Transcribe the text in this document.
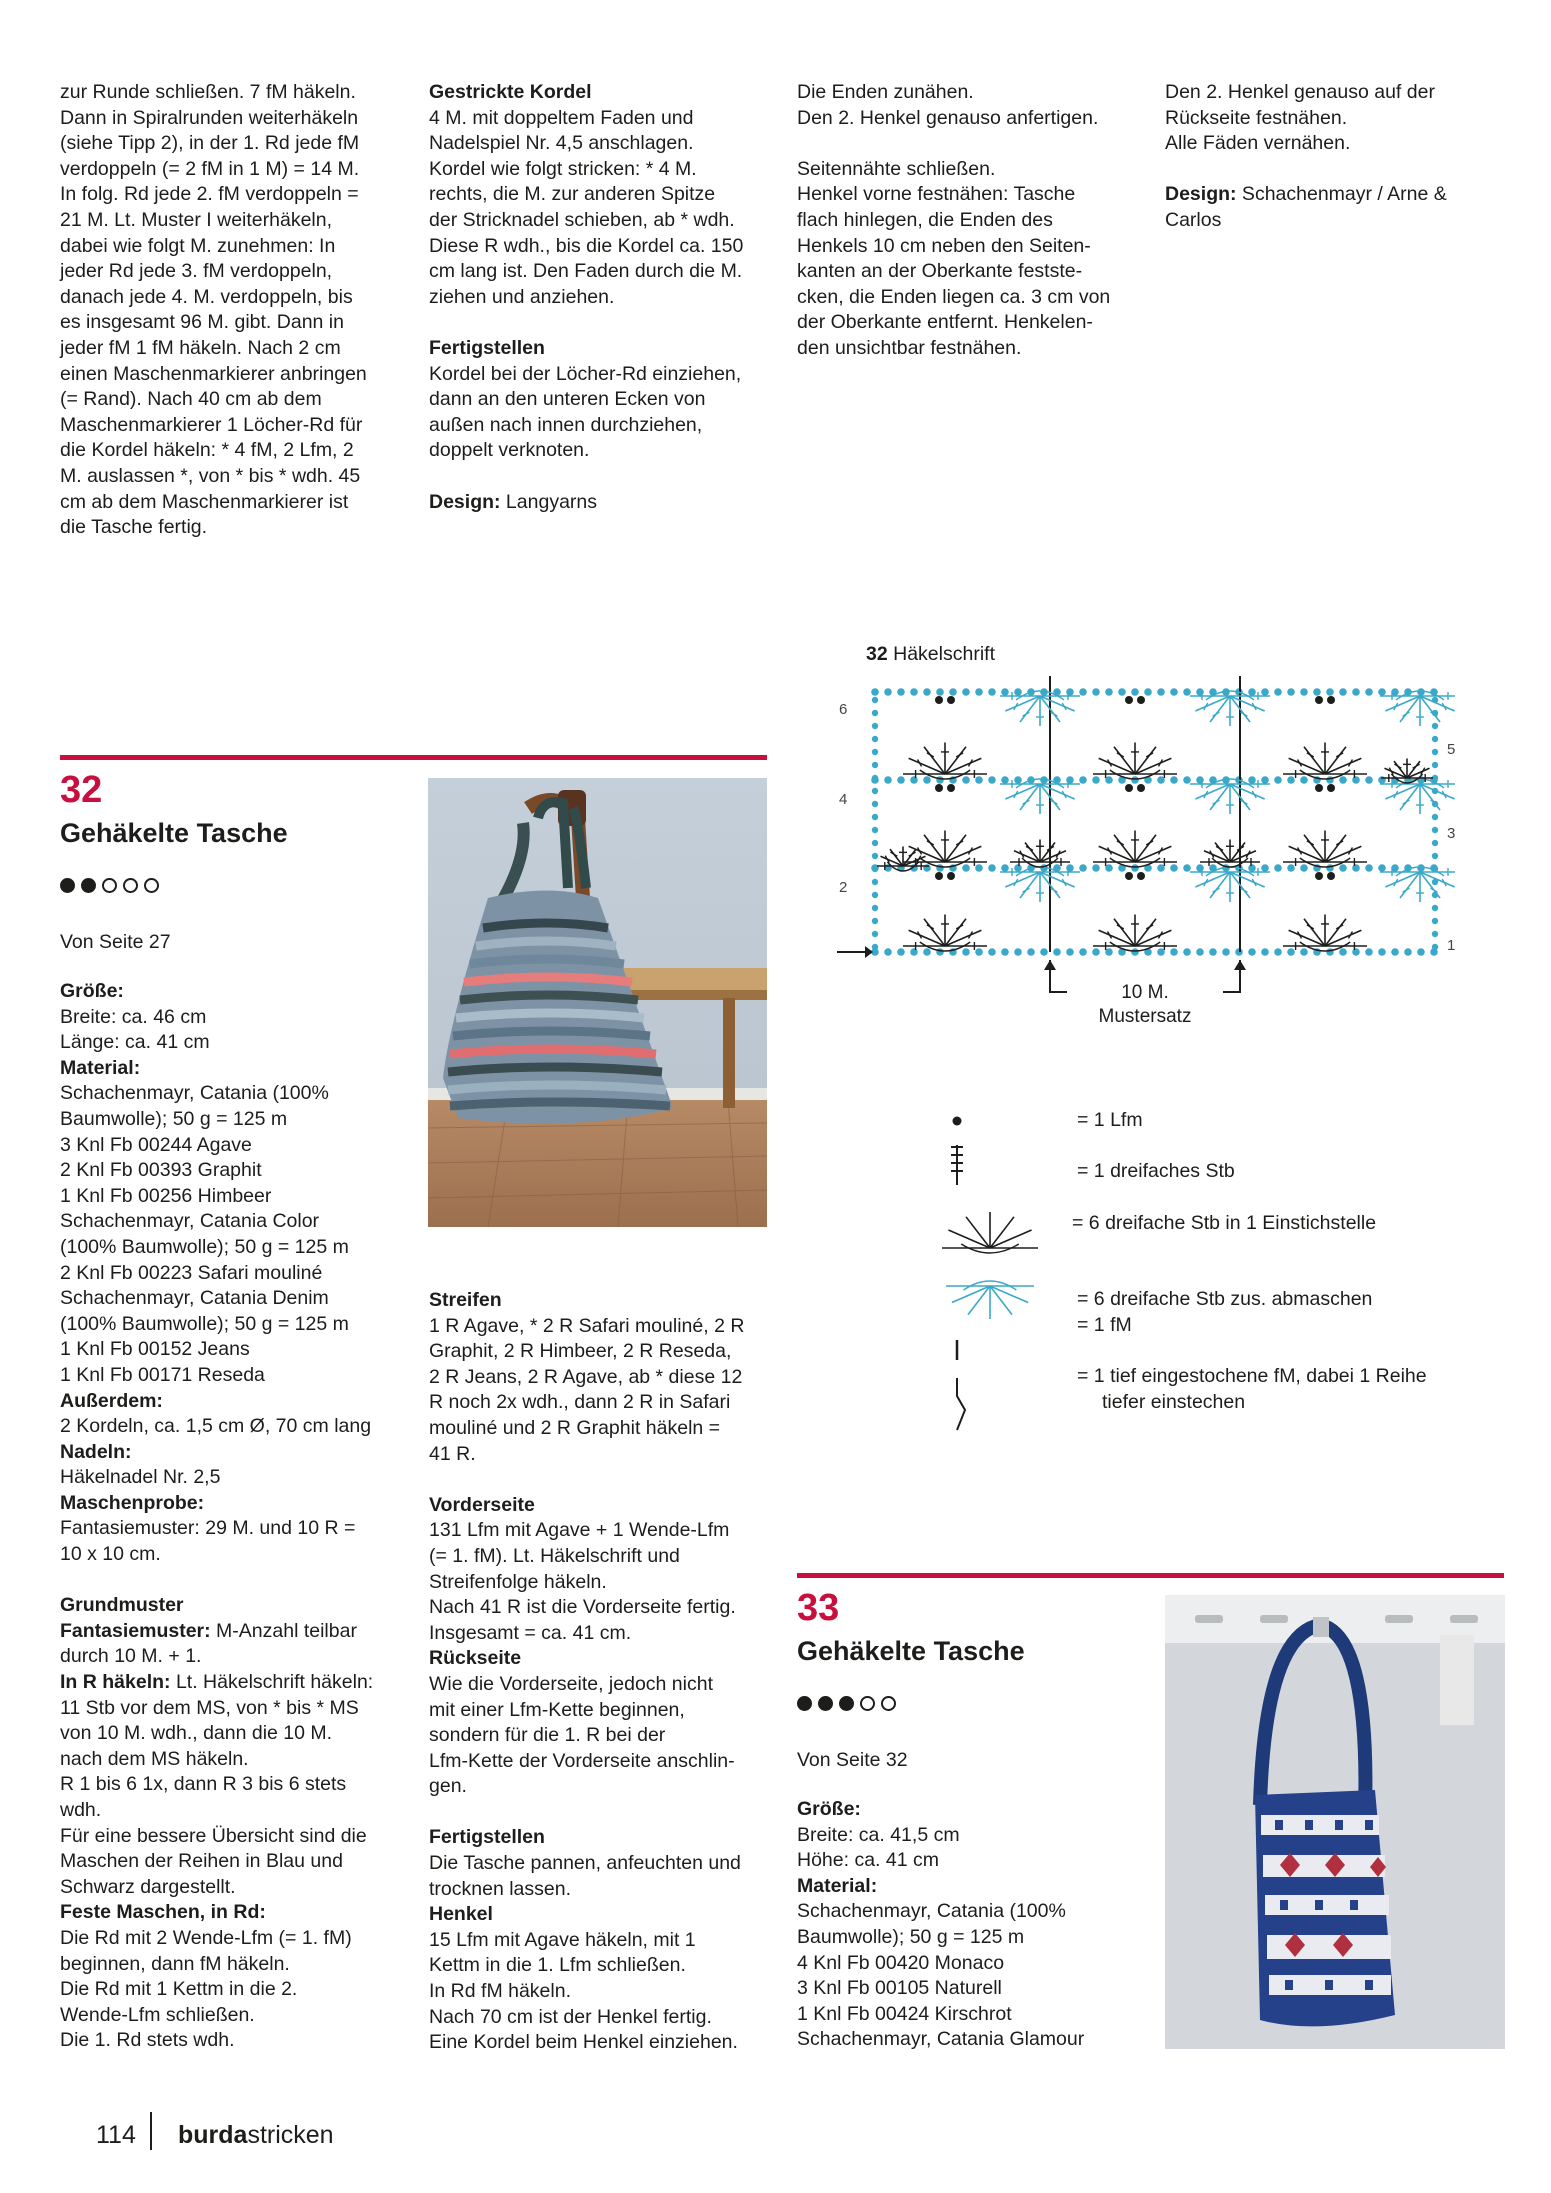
zur Runde schließen. 7 fM häkeln.
Dann in Spiralrunden weiterhäkeln
(siehe Tipp 2), in der 1. Rd jede fM
verdoppeln (= 2 fM in 1 M) = 14 M.
In folg. Rd jede 2. fM verdoppeln =
21 M. Lt. Muster I weiterhäkeln,
dabei wie folgt M. zunehmen: In
jeder Rd jede 3. fM verdoppeln,
danach jede 4. M. verdoppeln, bis
es insgesamt 96 M. gibt. Dann in
jeder fM 1 fM häkeln. Nach 2 cm
einen Maschenmarkierer anbringen
(= Rand). Nach 40 cm ab dem
Maschenmarkierer 1 Löcher-Rd für
die Kordel häkeln: * 4 fM, 2 Lfm, 2
M. auslassen *, von * bis * wdh. 45
cm ab dem Maschenmarkierer ist
die Tasche fertig.

Gestrickte Kordel
4 M. mit doppeltem Faden und
Nadelspiel Nr. 4,5 anschlagen.
Kordel wie folgt stricken: * 4 M.
rechts, die M. zur anderen Spitze
der Stricknadel schieben, ab * wdh.
Diese R wdh., bis die Kordel ca. 150
cm lang ist. Den Faden durch die M.
ziehen und anziehen.

Fertigstellen
Kordel bei der Löcher-Rd einziehen,
dann an den unteren Ecken von
außen nach innen durchziehen,
doppelt verknoten.

Design: Langyarns

Die Enden zunähen.
Den 2. Henkel genauso anfertigen.

Seitennähte schließen.
Henkel vorne festnähen: Tasche
flach hinlegen, die Enden des
Henkels 10 cm neben den Seiten-
kanten an der Oberkante festste-
cken, die Enden liegen ca. 3 cm von
der Oberkante entfernt. Henkelen-
den unsichtbar festnähen.

Den 2. Henkel genauso auf der
Rückseite festnähen.
Alle Fäden vernähen.

Design: Schachenmayr / Arne &
Carlos

32
Gehäkelte Tasche
Von Seite 27

Größe:
Breite: ca. 46 cm
Länge: ca. 41 cm
Material:
Schachenmayr, Catania (100%
Baumwolle); 50 g = 125 m
3 Knl Fb 00244 Agave
2 Knl Fb 00393 Graphit
1 Knl Fb 00256 Himbeer
Schachenmayr, Catania Color
(100% Baumwolle); 50 g = 125 m
2 Knl Fb 00223 Safari mouliné
Schachenmayr, Catania Denim
(100% Baumwolle); 50 g = 125 m
1 Knl Fb 00152 Jeans
1 Knl Fb 00171 Reseda
Außerdem:
2 Kordeln, ca. 1,5 cm Ø, 70 cm lang
Nadeln:
Häkelnadel Nr. 2,5
Maschenprobe:
Fantasiemuster: 29 M. und 10 R =
10 x 10 cm.

Grundmuster
Fantasiemuster: M-Anzahl teilbar
durch 10 M. + 1.
In R häkeln: Lt. Häkelschrift häkeln:
11 Stb vor dem MS, von * bis * MS
von 10 M. wdh., dann die 10 M.
nach dem MS häkeln.
R 1 bis 6 1x, dann R 3 bis 6 stets
wdh.
Für eine bessere Übersicht sind die
Maschen der Reihen in Blau und
Schwarz dargestellt.
Feste Maschen, in Rd:
Die Rd mit 2 Wende-Lfm (= 1. fM)
beginnen, dann fM häkeln.
Die Rd mit 1 Kettm in die 2.
Wende-Lfm schließen.
Die 1. Rd stets wdh.

Streifen
1 R Agave, * 2 R Safari mouliné, 2 R
Graphit, 2 R Himbeer, 2 R Reseda,
2 R Jeans, 2 R Agave, ab * diese 12
R noch 2x wdh., dann 2 R in Safari
mouliné und 2 R Graphit häkeln =
41 R.

Vorderseite
131 Lfm mit Agave + 1 Wende-Lfm
(= 1. fM). Lt. Häkelschrift und
Streifenfolge häkeln.
Nach 41 R ist die Vorderseite fertig.
Insgesamt = ca. 41 cm.
Rückseite
Wie die Vorderseite, jedoch nicht
mit einer Lfm-Kette beginnen,
sondern für die 1. R bei der
Lfm-Kette der Vorderseite anschlin-
gen.

Fertigstellen
Die Tasche pannen, anfeuchten und
trocknen lassen.
Henkel
15 Lfm mit Agave häkeln, mit 1
Kettm in die 1. Lfm schließen.
In Rd fM häkeln.
Nach 70 cm ist der Henkel fertig.
Eine Kordel beim Henkel einziehen.

32 Häkelschrift
6
4
2
5
3
1
10 M.
Mustersatz
= 1 Lfm
= 1 dreifaches Stb
= 6 dreifache Stb in 1 Einstichstelle
= 6 dreifache Stb zus. abmaschen
= 1 fM
= 1 tief eingestochene fM, dabei 1 Reihe
tiefer einstechen
33
Gehäkelte Tasche
Von Seite 32

Größe:
Breite: ca. 41,5 cm
Höhe: ca. 41 cm
Material:
Schachenmayr, Catania (100%
Baumwolle); 50 g = 125 m
4 Knl Fb 00420 Monaco
3 Knl Fb 00105 Naturell
1 Knl Fb 00424 Kirschrot
Schachenmayr, Catania Glamour

114 burdastricken
